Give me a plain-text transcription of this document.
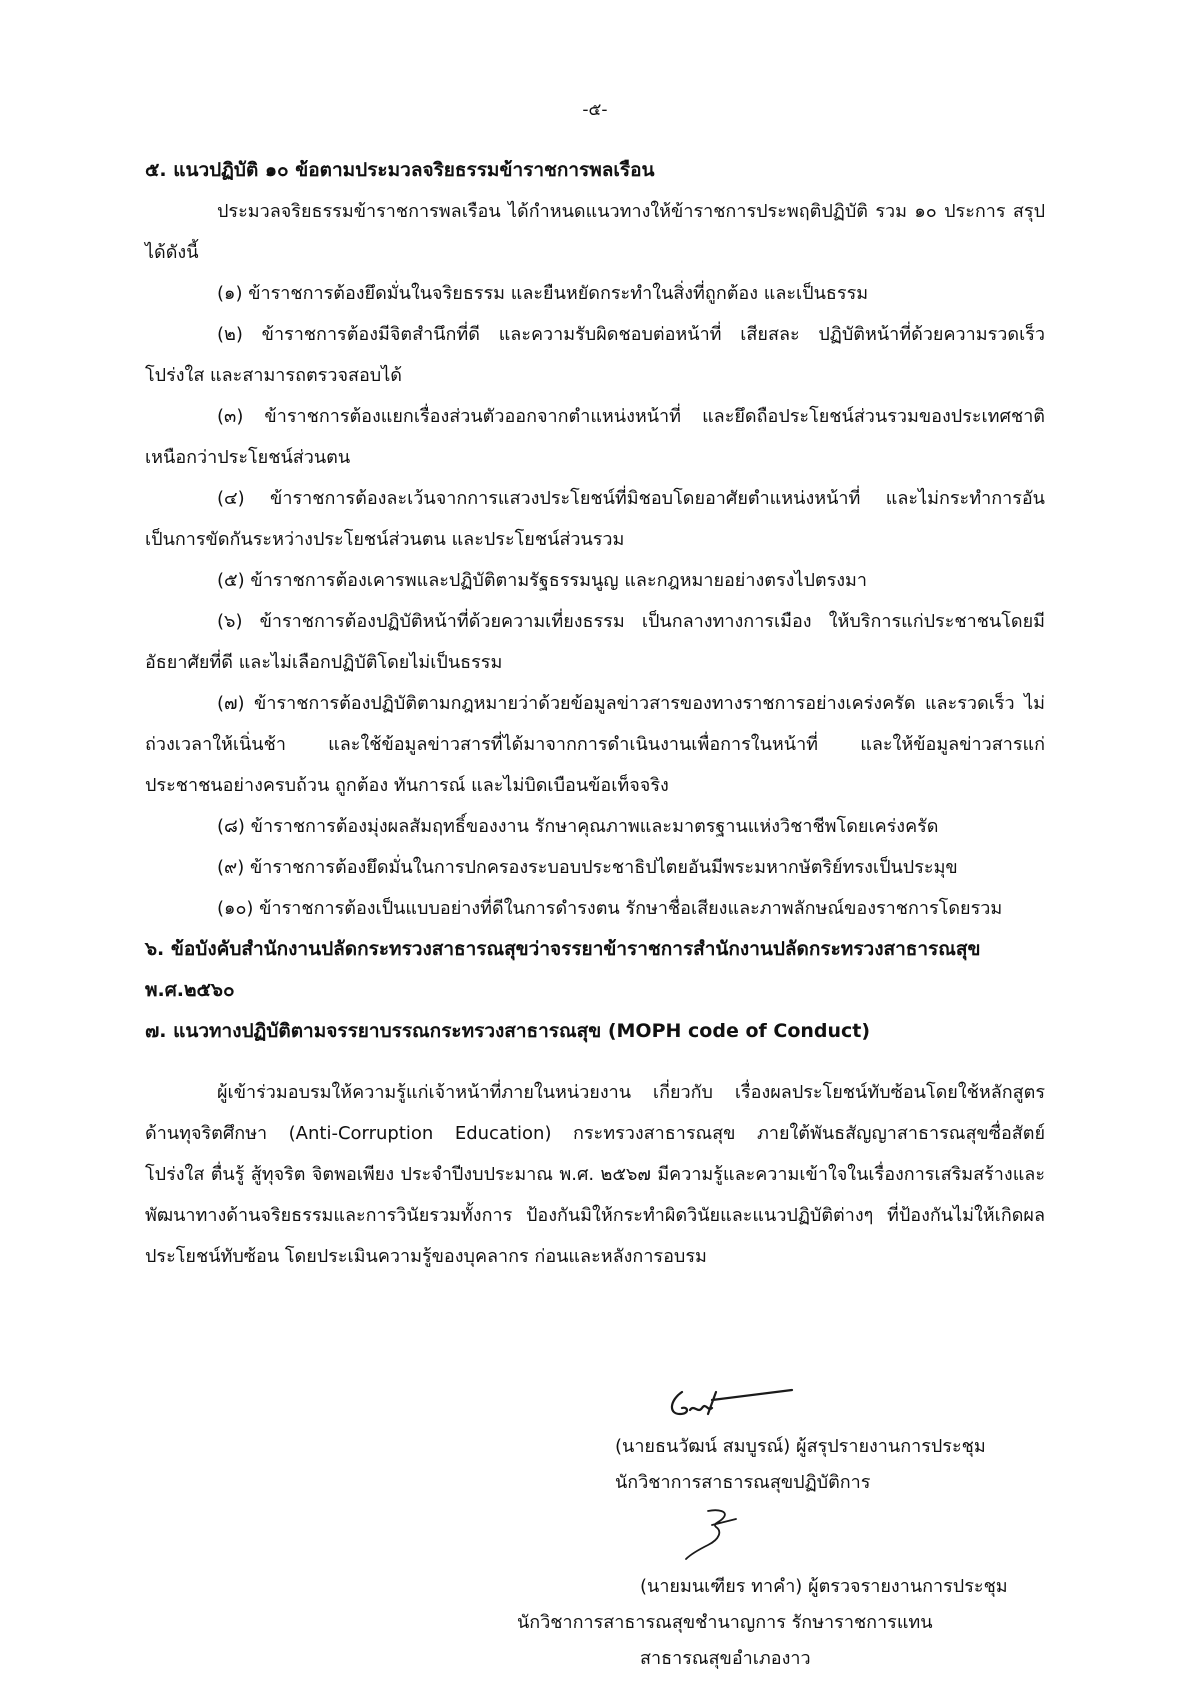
-๕-
๕. แนวปฏิบัติ ๑๐ ข้อตามประมวลจริยธรรมข้าราชการพลเรือน
ประมวลจริยธรรมข้าราชการพลเรือน ได้กำหนดแนวทางให้ข้าราชการประพฤติปฏิบัติ รวม ๑๐ ประการ สรุปได้ดังนี้
(๑) ข้าราชการต้องยึดมั่นในจริยธรรม และยืนหยัดกระทำในสิ่งที่ถูกต้อง และเป็นธรรม
(๒) ข้าราชการต้องมีจิตสำนึกที่ดี และความรับผิดชอบต่อหน้าที่ เสียสละ ปฏิบัติหน้าที่ด้วยความรวดเร็ว โปร่งใส และสามารถตรวจสอบได้
(๓) ข้าราชการต้องแยกเรื่องส่วนตัวออกจากตำแหน่งหน้าที่ และยึดถือประโยชน์ส่วนรวมของประเทศชาติเหนือกว่าประโยชน์ส่วนตน
(๔) ข้าราชการต้องละเว้นจากการแสวงประโยชน์ที่มิชอบโดยอาศัยตำแหน่งหน้าที่ และไม่กระทำการอันเป็นการขัดกันระหว่างประโยชน์ส่วนตน และประโยชน์ส่วนรวม
(๕) ข้าราชการต้องเคารพและปฏิบัติตามรัฐธรรมนูญ และกฎหมายอย่างตรงไปตรงมา
(๖) ข้าราชการต้องปฏิบัติหน้าที่ด้วยความเที่ยงธรรม เป็นกลางทางการเมือง ให้บริการแก่ประชาชนโดยมีอัธยาศัยที่ดี และไม่เลือกปฏิบัติโดยไม่เป็นธรรม
(๗) ข้าราชการต้องปฏิบัติตามกฎหมายว่าด้วยข้อมูลข่าวสารของทางราชการอย่างเคร่งครัด และรวดเร็ว ไม่ถ่วงเวลาให้เนิ่นช้า และใช้ข้อมูลข่าวสารที่ได้มาจากการดำเนินงานเพื่อการในหน้าที่ และให้ข้อมูลข่าวสารแก่ประชาชนอย่างครบถ้วน ถูกต้อง ทันการณ์ และไม่บิดเบือนข้อเท็จจริง
(๘) ข้าราชการต้องมุ่งผลสัมฤทธิ์ของงาน รักษาคุณภาพและมาตรฐานแห่งวิชาชีพโดยเคร่งครัด
(๙) ข้าราชการต้องยึดมั่นในการปกครองระบอบประชาธิปไตยอันมีพระมหากษัตริย์ทรงเป็นประมุข
(๑๐) ข้าราชการต้องเป็นแบบอย่างที่ดีในการดำรงตน รักษาชื่อเสียงและภาพลักษณ์ของราชการโดยรวม
๖. ข้อบังคับสำนักงานปลัดกระทรวงสาธารณสุขว่าจรรยาข้าราชการสำนักงานปลัดกระทรวงสาธารณสุข พ.ศ.๒๕๖๐
๗. แนวทางปฏิบัติตามจรรยาบรรณกระทรวงสาธารณสุข (MOPH code of Conduct)
ผู้เข้าร่วมอบรมให้ความรู้แก่เจ้าหน้าที่ภายในหน่วยงาน เกี่ยวกับ เรื่องผลประโยชน์ทับซ้อนโดยใช้หลักสูตรด้านทุจริตศึกษา (Anti-Corruption Education) กระทรวงสาธารณสุข ภายใต้พันธสัญญาสาธารณสุขซื่อสัตย์ โปร่งใส ตื่นรู้ สู้ทุจริต จิตพอเพียง ประจำปีงบประมาณ พ.ศ. ๒๕๖๗ มีความรู้และความเข้าใจในเรื่องการเสริมสร้างและพัฒนาทางด้านจริยธรรมและการวินัยรวมทั้งการ ป้องกันมิให้กระทำผิดวินัยและแนวปฏิบัติต่างๆ ที่ป้องกันไม่ให้เกิดผลประโยชน์ทับซ้อน โดยประเมินความรู้ของบุคลากร ก่อนและหลังการอบรม
(นายธนวัฒน์ สมบูรณ์) ผู้สรุปรายงานการประชุม
นักวิชาการสาธารณสุขปฏิบัติการ
(นายมนเฑียร ทาคำ) ผู้ตรวจรายงานการประชุม
นักวิชาการสาธารณสุขชำนาญการ รักษาราชการแทน
สาธารณสุขอำเภองาว
